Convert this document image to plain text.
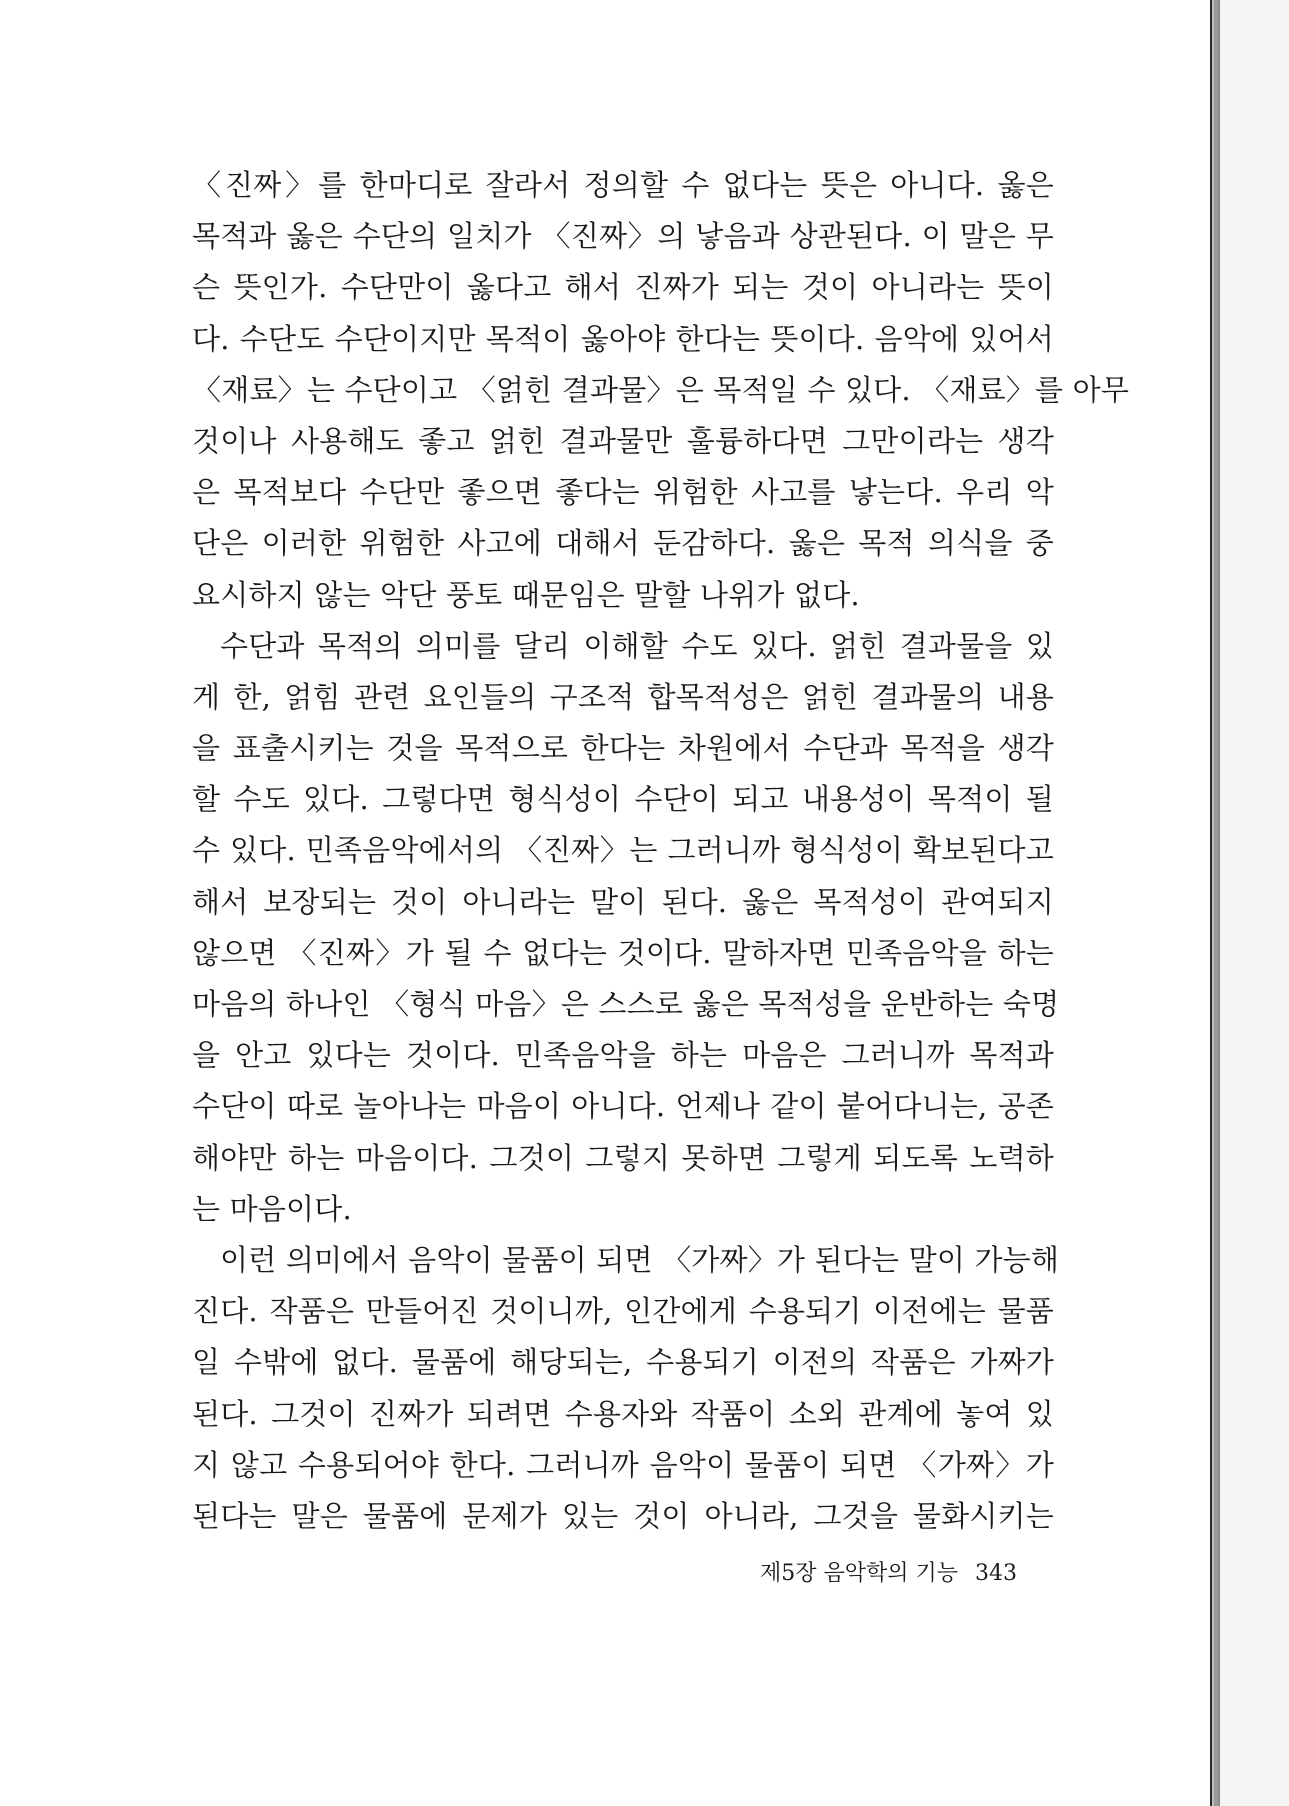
〈진짜〉를 한마디로 잘라서 정의할 수 없다는 뜻은 아니다. 옳은
목적과 옳은 수단의 일치가 〈진짜〉의 낳음과 상관된다. 이 말은 무
슨 뜻인가. 수단만이 옳다고 해서 진짜가 되는 것이 아니라는 뜻이
다. 수단도 수단이지만 목적이 옳아야 한다는 뜻이다. 음악에 있어서
〈재료〉는 수단이고 〈얽힌 결과물〉은 목적일 수 있다. 〈재료〉를 아무
것이나 사용해도 좋고 얽힌 결과물만 훌륭하다면 그만이라는 생각
은 목적보다 수단만 좋으면 좋다는 위험한 사고를 낳는다. 우리 악
단은 이러한 위험한 사고에 대해서 둔감하다. 옳은 목적 의식을 중
요시하지 않는 악단 풍토 때문임은 말할 나위가 없다.
수단과 목적의 의미를 달리 이해할 수도 있다. 얽힌 결과물을 있
게 한, 얽힘 관련 요인들의 구조적 합목적성은 얽힌 결과물의 내용
을 표출시키는 것을 목적으로 한다는 차원에서 수단과 목적을 생각
할 수도 있다. 그렇다면 형식성이 수단이 되고 내용성이 목적이 될
수 있다. 민족음악에서의 〈진짜〉는 그러니까 형식성이 확보된다고
해서 보장되는 것이 아니라는 말이 된다. 옳은 목적성이 관여되지
않으면 〈진짜〉가 될 수 없다는 것이다. 말하자면 민족음악을 하는
마음의 하나인 〈형식 마음〉은 스스로 옳은 목적성을 운반하는 숙명
을 안고 있다는 것이다. 민족음악을 하는 마음은 그러니까 목적과
수단이 따로 놀아나는 마음이 아니다. 언제나 같이 붙어다니는, 공존
해야만 하는 마음이다. 그것이 그렇지 못하면 그렇게 되도록 노력하
는 마음이다.
이런 의미에서 음악이 물품이 되면 〈가짜〉가 된다는 말이 가능해
진다. 작품은 만들어진 것이니까, 인간에게 수용되기 이전에는 물품
일 수밖에 없다. 물품에 해당되는, 수용되기 이전의 작품은 가짜가
된다. 그것이 진짜가 되려면 수용자와 작품이 소외 관계에 놓여 있
지 않고 수용되어야 한다. 그러니까 음악이 물품이 되면 〈가짜〉가
된다는 말은 물품에 문제가 있는 것이 아니라, 그것을 물화시키는
제5장 음악학의 기능 343
